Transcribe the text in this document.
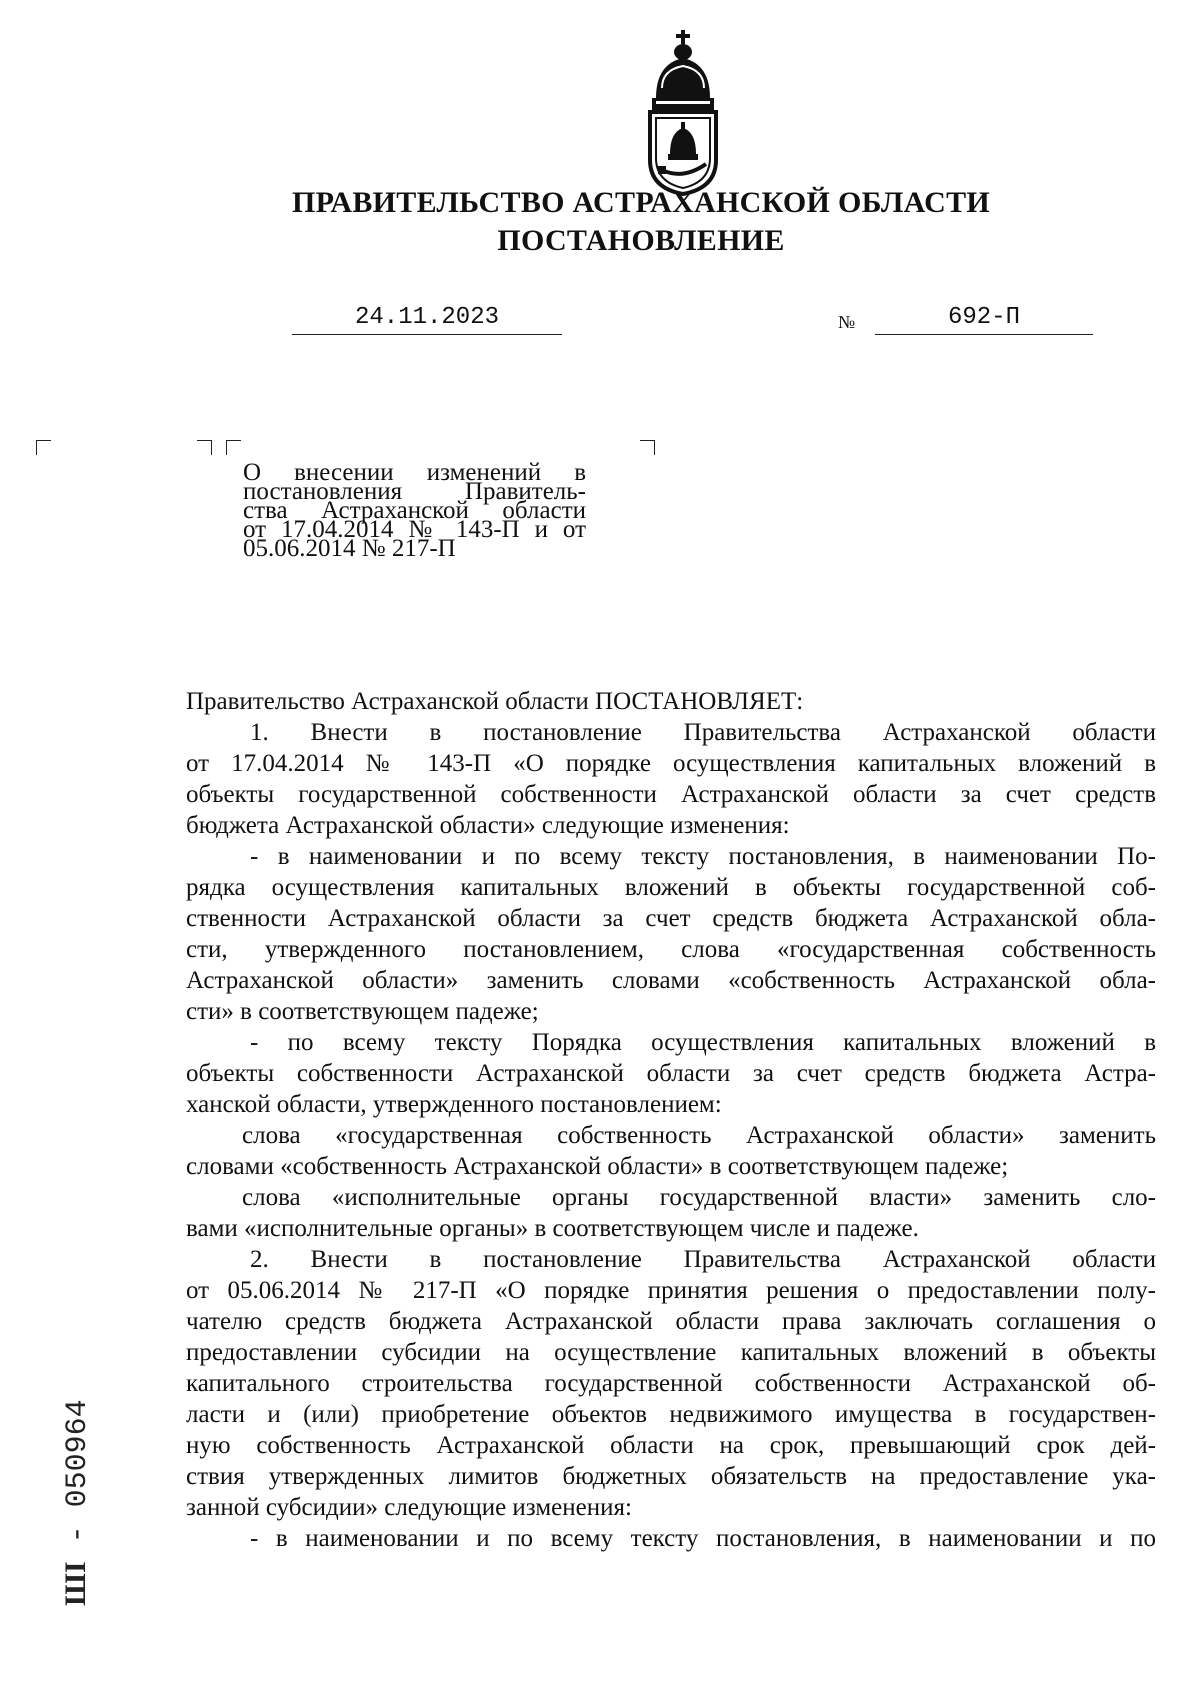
ПРАВИТЕЛЬСТВО АСТРАХАНСКОЙ ОБЛАСТИ
ПОСТАНОВЛЕНИЕ
24.11.2023	№	692-П
О внесении изменений в
постановления Правитель-
ства Астраханской области
от 17.04.2014 № 143-П и от
05.06.2014 № 217-П
Правительство Астраханской области ПОСТАНОВЛЯЕТ:
1. Внести в постановление Правительства Астраханской области
от 17.04.2014 № 143-П «О порядке осуществления капитальных вложений в
объекты государственной собственности Астраханской области за счет средств
бюджета Астраханской области» следующие изменения:
- в наименовании и по всему тексту постановления, в наименовании По-
рядка осуществления капитальных вложений в объекты государственной соб-
ственности Астраханской области за счет средств бюджета Астраханской обла-
сти, утвержденного постановлением, слова «государственная собственность
Астраханской области» заменить словами «собственность Астраханской обла-
сти» в соответствующем падеже;
- по всему тексту Порядка осуществления капитальных вложений в
объекты собственности Астраханской области за счет средств бюджета Астра-
ханской области, утвержденного постановлением:
слова «государственная собственность Астраханской области» заменить
словами «собственность Астраханской области» в соответствующем падеже;
слова «исполнительные органы государственной власти» заменить сло-
вами «исполнительные органы» в соответствующем числе и падеже.
2. Внести в постановление Правительства Астраханской области
от 05.06.2014 № 217-П «О порядке принятия решения о предоставлении полу-
чателю средств бюджета Астраханской области права заключать соглашения о
предоставлении субсидии на осуществление капитальных вложений в объекты
капитального строительства государственной собственности Астраханской об-
ласти и (или) приобретение объектов недвижимого имущества в государствен-
ную собственность Астраханской области на срок, превышающий срок дей-
ствия утвержденных лимитов бюджетных обязательств на предоставление ука-
занной субсидии» следующие изменения:
- в наименовании и по всему тексту постановления, в наименовании и по
ШI - 050964
